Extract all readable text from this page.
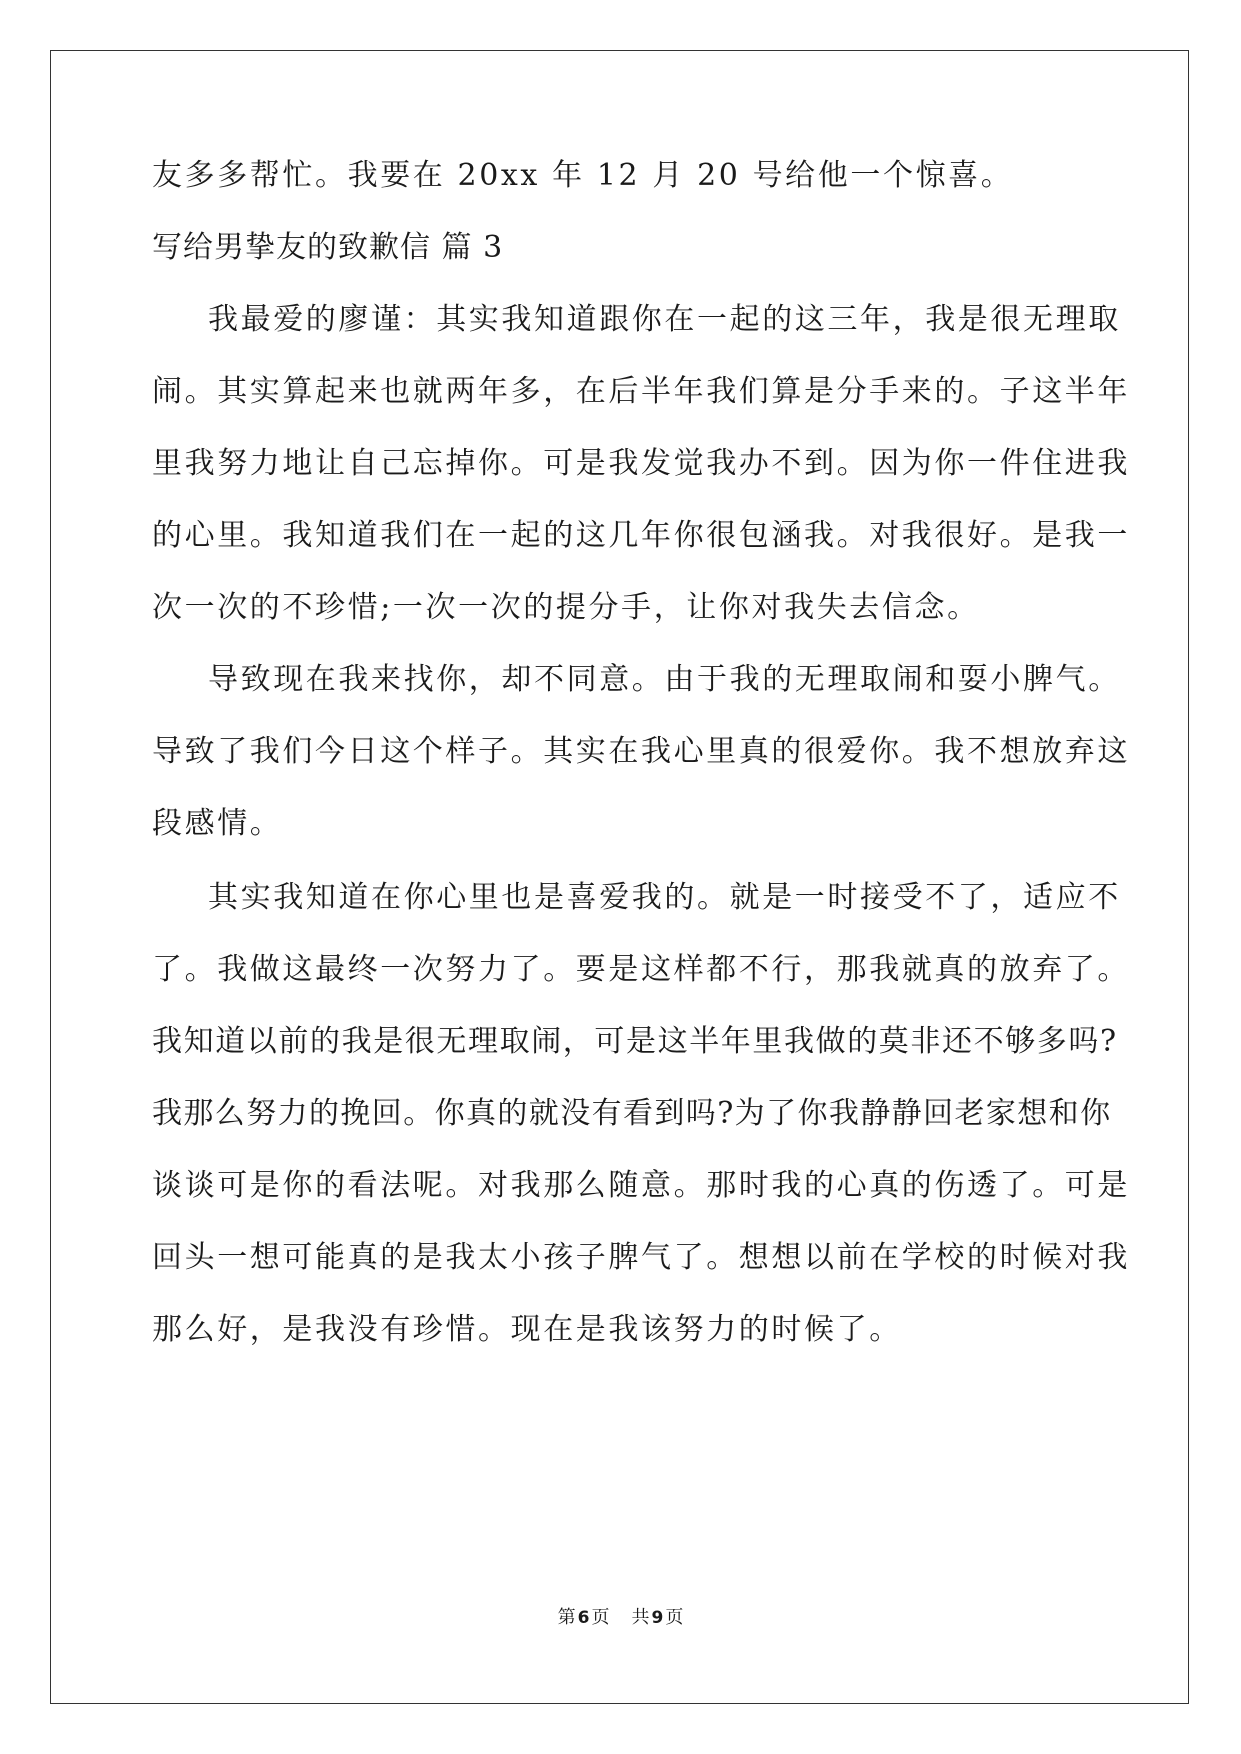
友多多帮忙。我要在 20xx 年 12 月 20 号给他一个惊喜。
写给男挚友的致歉信 篇 3
我最爱的廖谨：其实我知道跟你在一起的这三年，我是很无理取
闹。其实算起来也就两年多，在后半年我们算是分手来的。子这半年
里我努力地让自己忘掉你。可是我发觉我办不到。因为你一件住进我
的心里。我知道我们在一起的这几年你很包涵我。对我很好。是我一
次一次的不珍惜;一次一次的提分手，让你对我失去信念。
导致现在我来找你，却不同意。由于我的无理取闹和耍小脾气。
导致了我们今日这个样子。其实在我心里真的很爱你。我不想放弃这
段感情。
其实我知道在你心里也是喜爱我的。就是一时接受不了，适应不
了。我做这最终一次努力了。要是这样都不行，那我就真的放弃了。
我知道以前的我是很无理取闹，可是这半年里我做的莫非还不够多吗?
我那么努力的挽回。你真的就没有看到吗?为了你我静静回老家想和你
谈谈可是你的看法呢。对我那么随意。那时我的心真的伤透了。可是
回头一想可能真的是我太小孩子脾气了。想想以前在学校的时候对我
那么好，是我没有珍惜。现在是我该努力的时候了。
第 6 页 共 9 页
